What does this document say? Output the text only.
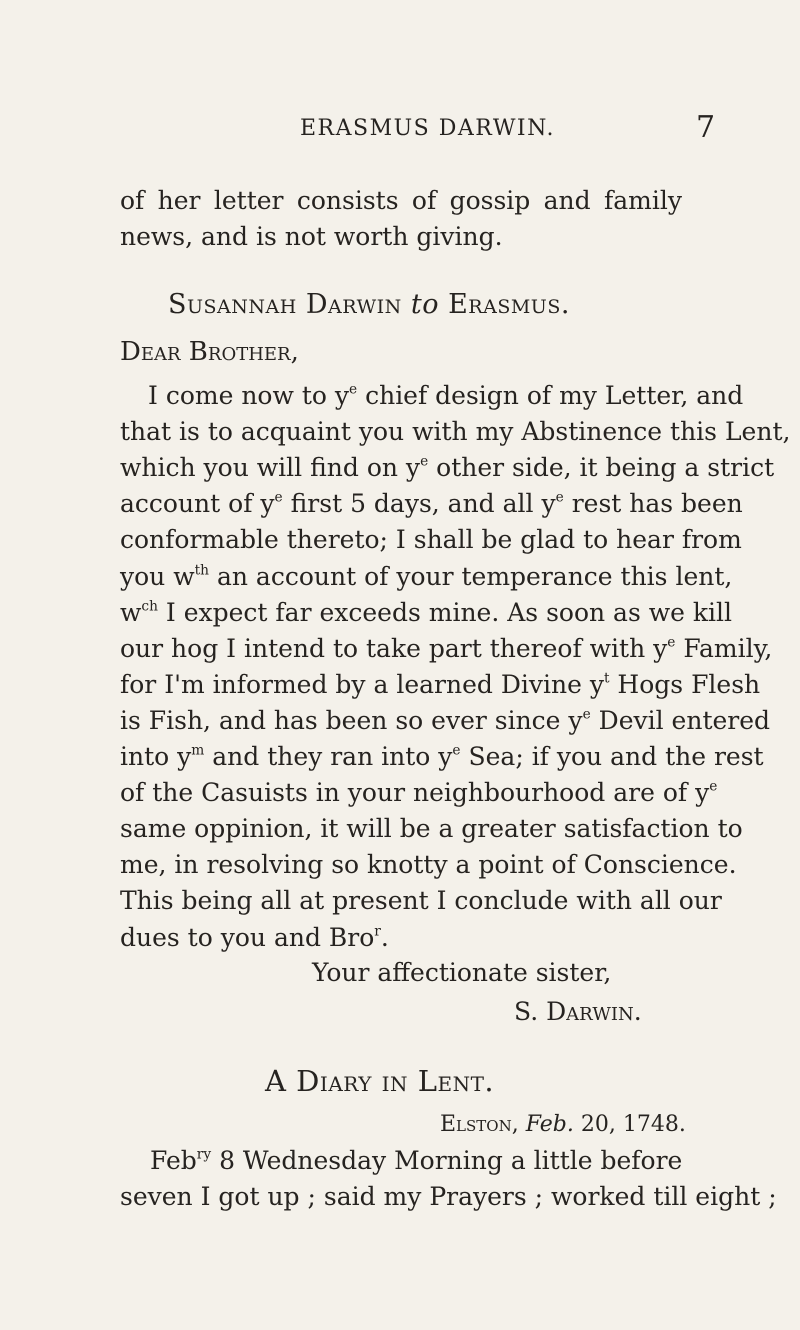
ERASMUS DARWIN.	7
of her letter consists of gossip and family
news, and is not worth giving.
Susannah Darwin to Erasmus.
Dear Brother,
I come now to $y^e$ chief design of my Letter, and
that is to acquaint you with my Abstinence this Lent,
which you will find on $y^e$ other side, it being a strict
account of $y^e$ first 5 days, and all $y^e$ rest has been
conformable thereto; I shall be glad to hear from
you $w^{th}$ an account of your temperance this lent,
$w^{ch}$ I expect far exceeds mine. As soon as we kill
our hog I intend to take part thereof with $y^e$ Family,
for I'm informed by a learned Divine $y^t$ Hogs Flesh
is Fish, and has been so ever since $y^e$ Devil entered
into $y^m$ and they ran into $y^e$ Sea; if you and the rest
of the Casuists in your neighbourhood are of $y^e$
same oppinion, it will be a greater satisfaction to
me, in resolving so knotty a point of Conscience.
This being all at present I conclude with all our
dues to you and Bro$^r$.
Your affectionate sister,
S. Darwin.
A Diary in Lent.
Elston, Feb. 20, 1748.
Feb$^{ry}$ 8 Wednesday Morning a little before
seven I got up ; said my Prayers ; worked till eight ;
